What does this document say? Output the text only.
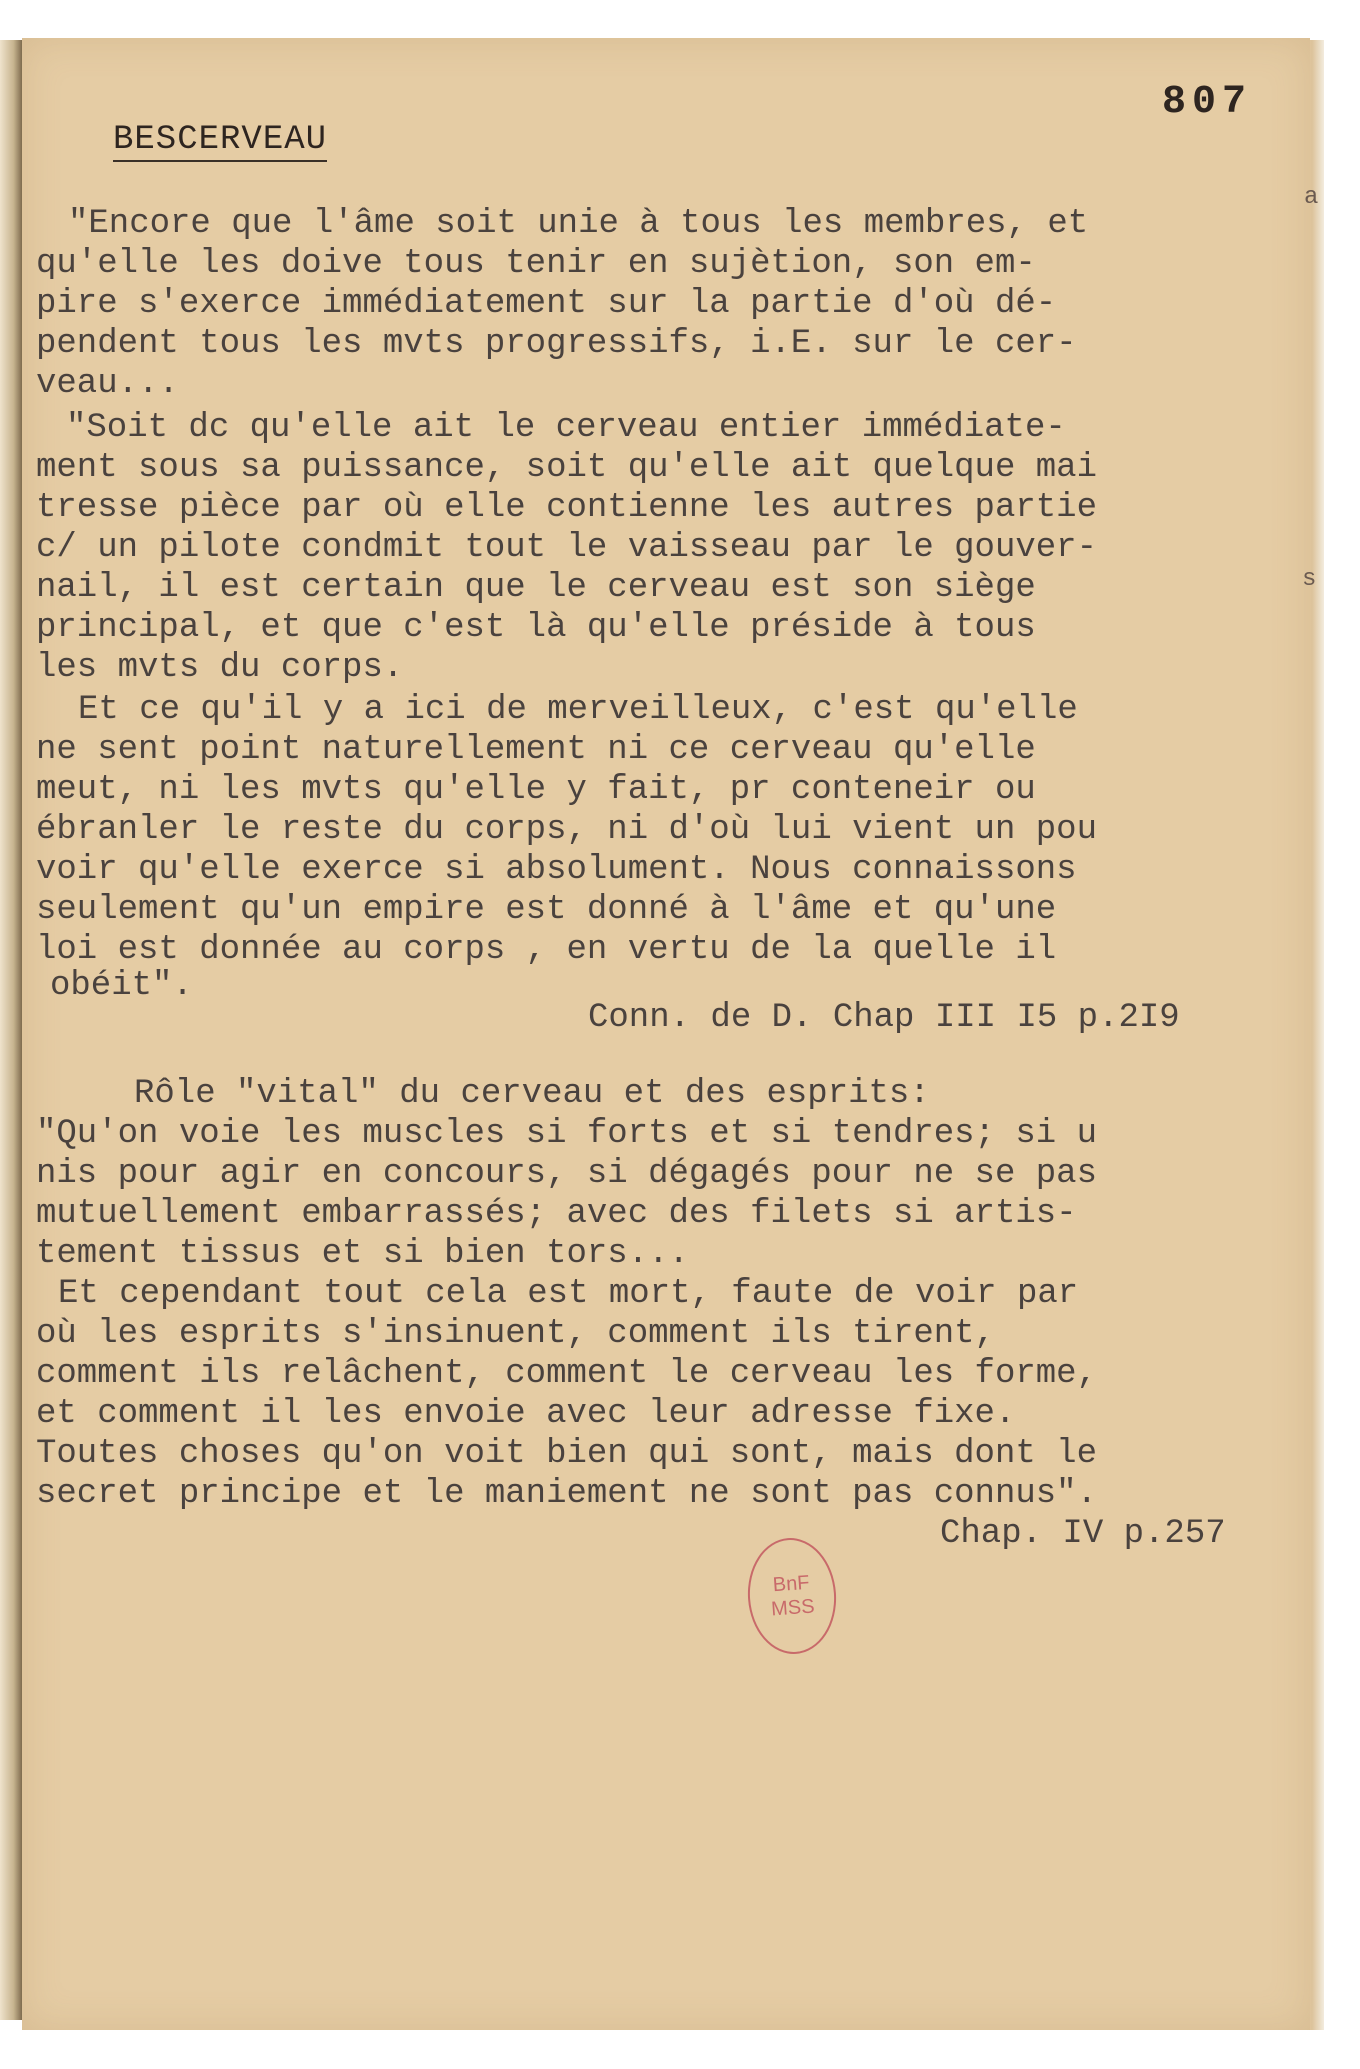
807
BESCERVEAU
a
s
"Encore que l'âme soit unie à tous les membres, et
qu'elle les doive tous tenir en sujètion, son em-
pire s'exerce immédiatement sur la partie d'où dé-
pendent tous les mvts progressifs, i.E. sur le cer-
veau...
"Soit dc qu'elle ait le cerveau entier immédiate-
ment sous sa puissance, soit qu'elle ait quelque mai
tresse pièce par où elle contienne les autres partie
c/ un pilote condmit tout le vaisseau par le gouver-
nail, il est certain que le cerveau est son siège
principal, et que c'est là qu'elle préside à tous
les mvts du corps.
Et ce qu'il y a ici de merveilleux, c'est qu'elle
ne sent point naturellement ni ce cerveau qu'elle
meut, ni les mvts qu'elle y fait, pr conteneir ou
ébranler le reste du corps, ni d'où lui vient un pou
voir qu'elle exerce si absolument. Nous connaissons
seulement qu'un empire est donné à l'âme et qu'une
loi est donnée au corps , en vertu de la quelle il
obéit".
Conn. de D. Chap III I5 p.2I9
Rôle "vital" du cerveau et des esprits:
"Qu'on voie les muscles si forts et si tendres; si u
nis pour agir en concours, si dégagés pour ne se pas
mutuellement embarrassés; avec des filets si artis-
tement tissus et si bien tors...
Et cependant tout cela est mort, faute de voir par
où les esprits s'insinuent, comment ils tirent,
comment ils relâchent, comment le cerveau les forme,
et comment il les envoie avec leur adresse fixe.
Toutes choses qu'on voit bien qui sont, mais dont le
secret principe et le maniement ne sont pas connus".
Chap. IV p.257
BnF
MSS
